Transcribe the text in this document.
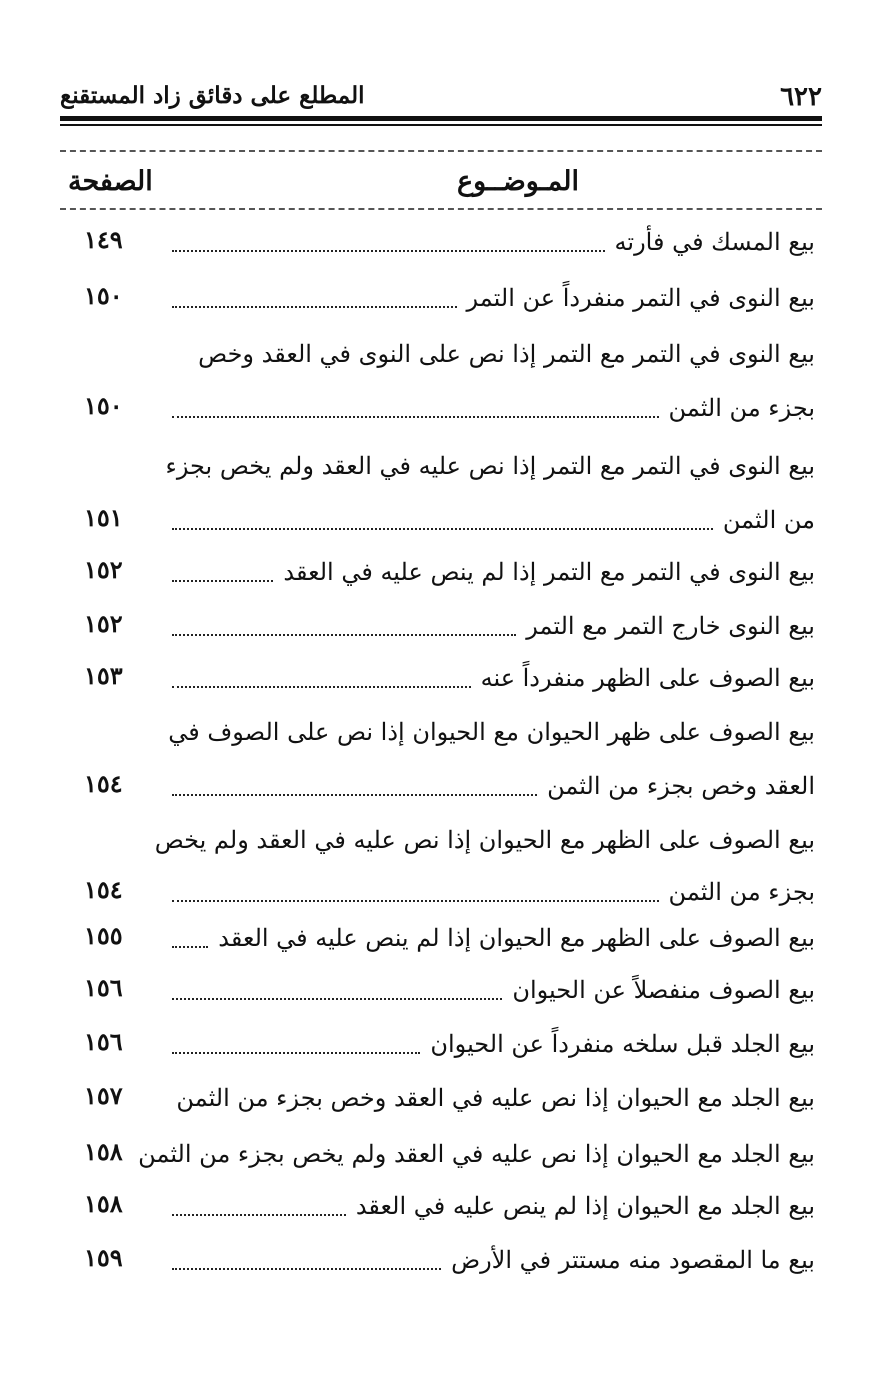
٦٢٢
المطلع على دقائق زاد المستقنع
المـوضــوع
الصفحة
بيع المسك في فأرته
١٤٩
بيع النوى في التمر منفرداً عن التمر
١٥٠
بيع النوى في التمر مع التمر إذا نص على النوى في العقد وخص
بجزء من الثمن
١٥٠
بيع النوى في التمر مع التمر إذا نص عليه في العقد ولم يخص بجزء
من الثمن
١٥١
بيع النوى في التمر مع التمر إذا لم ينص عليه في العقد
١٥٢
بيع النوى خارج التمر مع التمر
١٥٢
بيع الصوف على الظهر منفرداً عنه
١٥٣
بيع الصوف على ظهر الحيوان مع الحيوان إذا نص على الصوف في
العقد وخص بجزء من الثمن
١٥٤
بيع الصوف على الظهر مع الحيوان إذا نص عليه في العقد ولم يخص
بجزء من الثمن
١٥٤
بيع الصوف على الظهر مع الحيوان إذا لم ينص عليه في العقد
١٥٥
بيع الصوف منفصلاً عن الحيوان
١٥٦
بيع الجلد قبل سلخه منفرداً عن الحيوان
١٥٦
بيع الجلد مع الحيوان إذا نص عليه في العقد وخص بجزء من الثمن
١٥٧
بيع الجلد مع الحيوان إذا نص عليه في العقد ولم يخص بجزء من الثمن
١٥٨
بيع الجلد مع الحيوان إذا لم ينص عليه في العقد
١٥٨
بيع ما المقصود منه مستتر في الأرض
١٥٩
